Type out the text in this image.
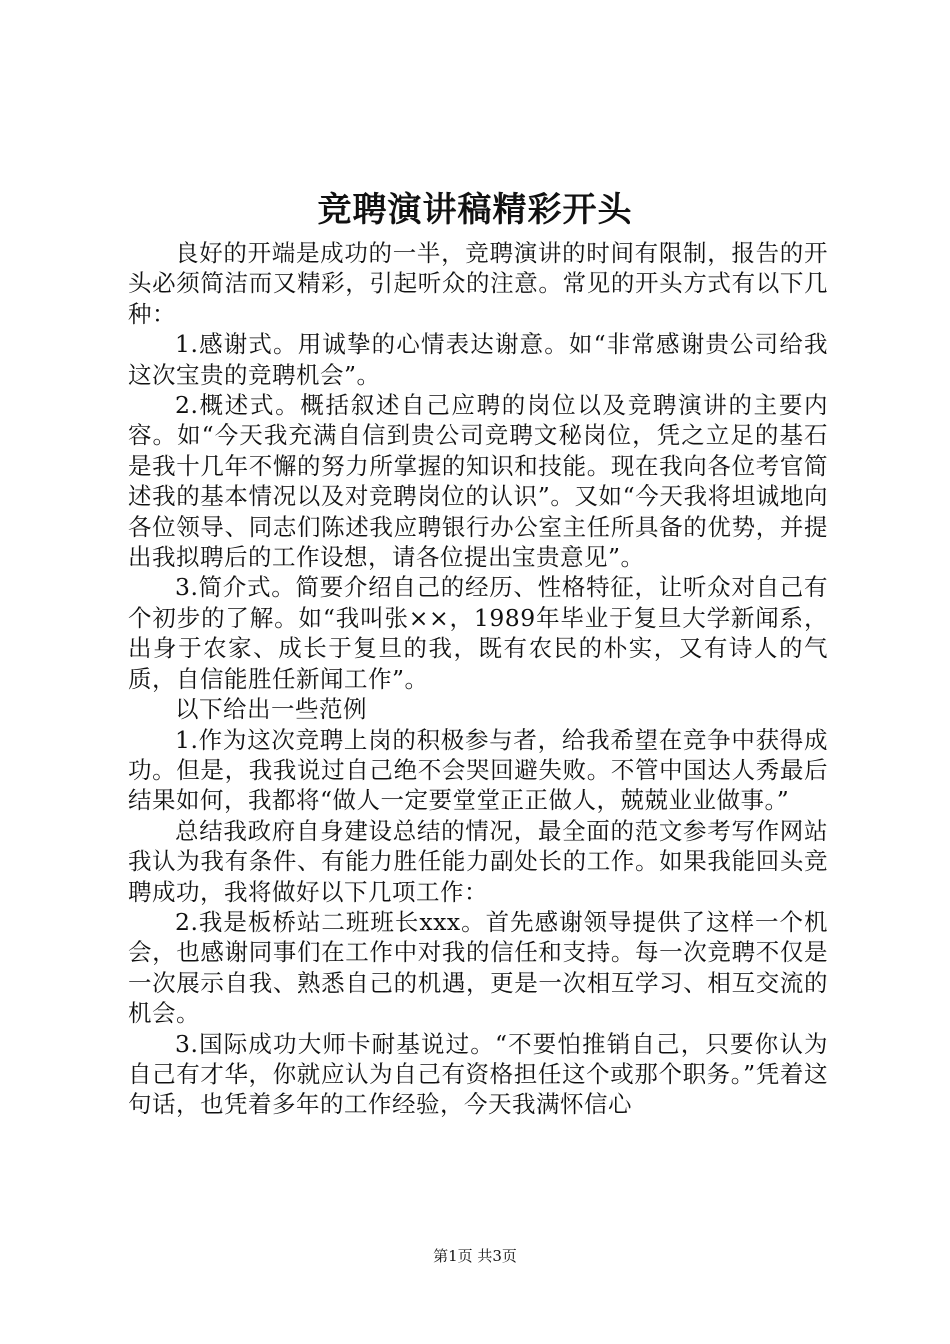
竞聘演讲稿精彩开头

良好的开端是成功的一半，竞聘演讲的时间有限制，报告的开头必须简洁而又精彩，引起听众的注意。常见的开头方式有以下几种：

1.感谢式。用诚挚的心情表达谢意。如“非常感谢贵公司给我这次宝贵的竞聘机会”。

2.概述式。概括叙述自己应聘的岗位以及竞聘演讲的主要内容。如“今天我充满自信到贵公司竞聘文秘岗位，凭之立足的基石是我十几年不懈的努力所掌握的知识和技能。现在我向各位考官简述我的基本情况以及对竞聘岗位的认识”。又如“今天我将坦诚地向各位领导、同志们陈述我应聘银行办公室主任所具备的优势，并提出我拟聘后的工作设想，请各位提出宝贵意见”。

3.简介式。简要介绍自己的经历、性格特征，让听众对自己有个初步的了解。如“我叫张××，1989年毕业于复旦大学新闻系，出身于农家、成长于复旦的我，既有农民的朴实，又有诗人的气质，自信能胜任新闻工作”。

以下给出一些范例

1.作为这次竞聘上岗的积极参与者，给我希望在竞争中获得成功。但是，我我说过自己绝不会哭回避失败。不管中国达人秀最后结果如何，我都将“做人一定要堂堂正正做人，兢兢业业做事。”

总结我政府自身建设总结的情况，最全面的范文参考写作网站我认为我有条件、有能力胜任能力副处长的工作。如果我能回头竞聘成功，我将做好以下几项工作：

2.我是板桥站二班班长xxx。首先感谢领导提供了这样一个机会，也感谢同事们在工作中对我的信任和支持。每一次竞聘不仅是一次展示自我、熟悉自己的机遇，更是一次相互学习、相互交流的机会。

3.国际成功大师卡耐基说过。“不要怕推销自己，只要你认为自己有才华，你就应认为自己有资格担任这个或那个职务。”凭着这句话，也凭着多年的工作经验，今天我满怀信心

第1页 共3页
